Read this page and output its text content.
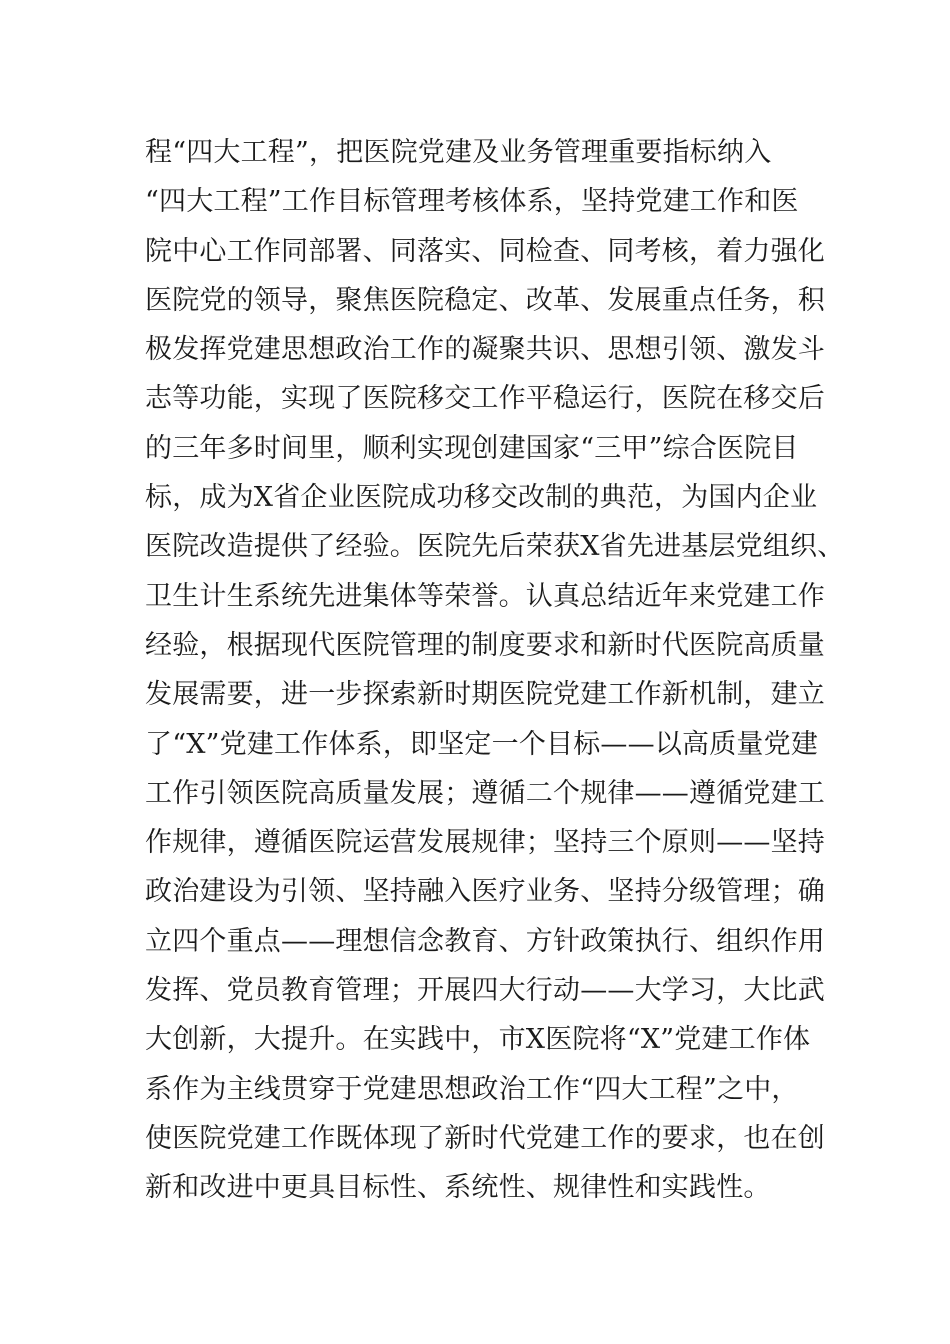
程“四大工程”，把医院党建及业务管理重要指标纳入
“四大工程”工作目标管理考核体系，坚持党建工作和医
院中心工作同部署、同落实、同检查、同考核，着力强化
医院党的领导，聚焦医院稳定、改革、发展重点任务，积
极发挥党建思想政治工作的凝聚共识、思想引领、激发斗
志等功能，实现了医院移交工作平稳运行，医院在移交后
的三年多时间里，顺利实现创建国家“三甲”综合医院目
标，成为X省企业医院成功移交改制的典范，为国内企业
医院改造提供了经验。医院先后荣获X省先进基层党组织、
卫生计生系统先进集体等荣誉。认真总结近年来党建工作
经验，根据现代医院管理的制度要求和新时代医院高质量
发展需要，进一步探索新时期医院党建工作新机制，建立
了“X”党建工作体系，即坚定一个目标——以高质量党建
工作引领医院高质量发展；遵循二个规律——遵循党建工
作规律，遵循医院运营发展规律；坚持三个原则——坚持
政治建设为引领、坚持融入医疗业务、坚持分级管理；确
立四个重点——理想信念教育、方针政策执行、组织作用
发挥、党员教育管理；开展四大行动——大学习，大比武
大创新，大提升。在实践中，市X医院将“X”党建工作体
系作为主线贯穿于党建思想政治工作“四大工程”之中，
使医院党建工作既体现了新时代党建工作的要求，也在创
新和改进中更具目标性、系统性、规律性和实践性。
